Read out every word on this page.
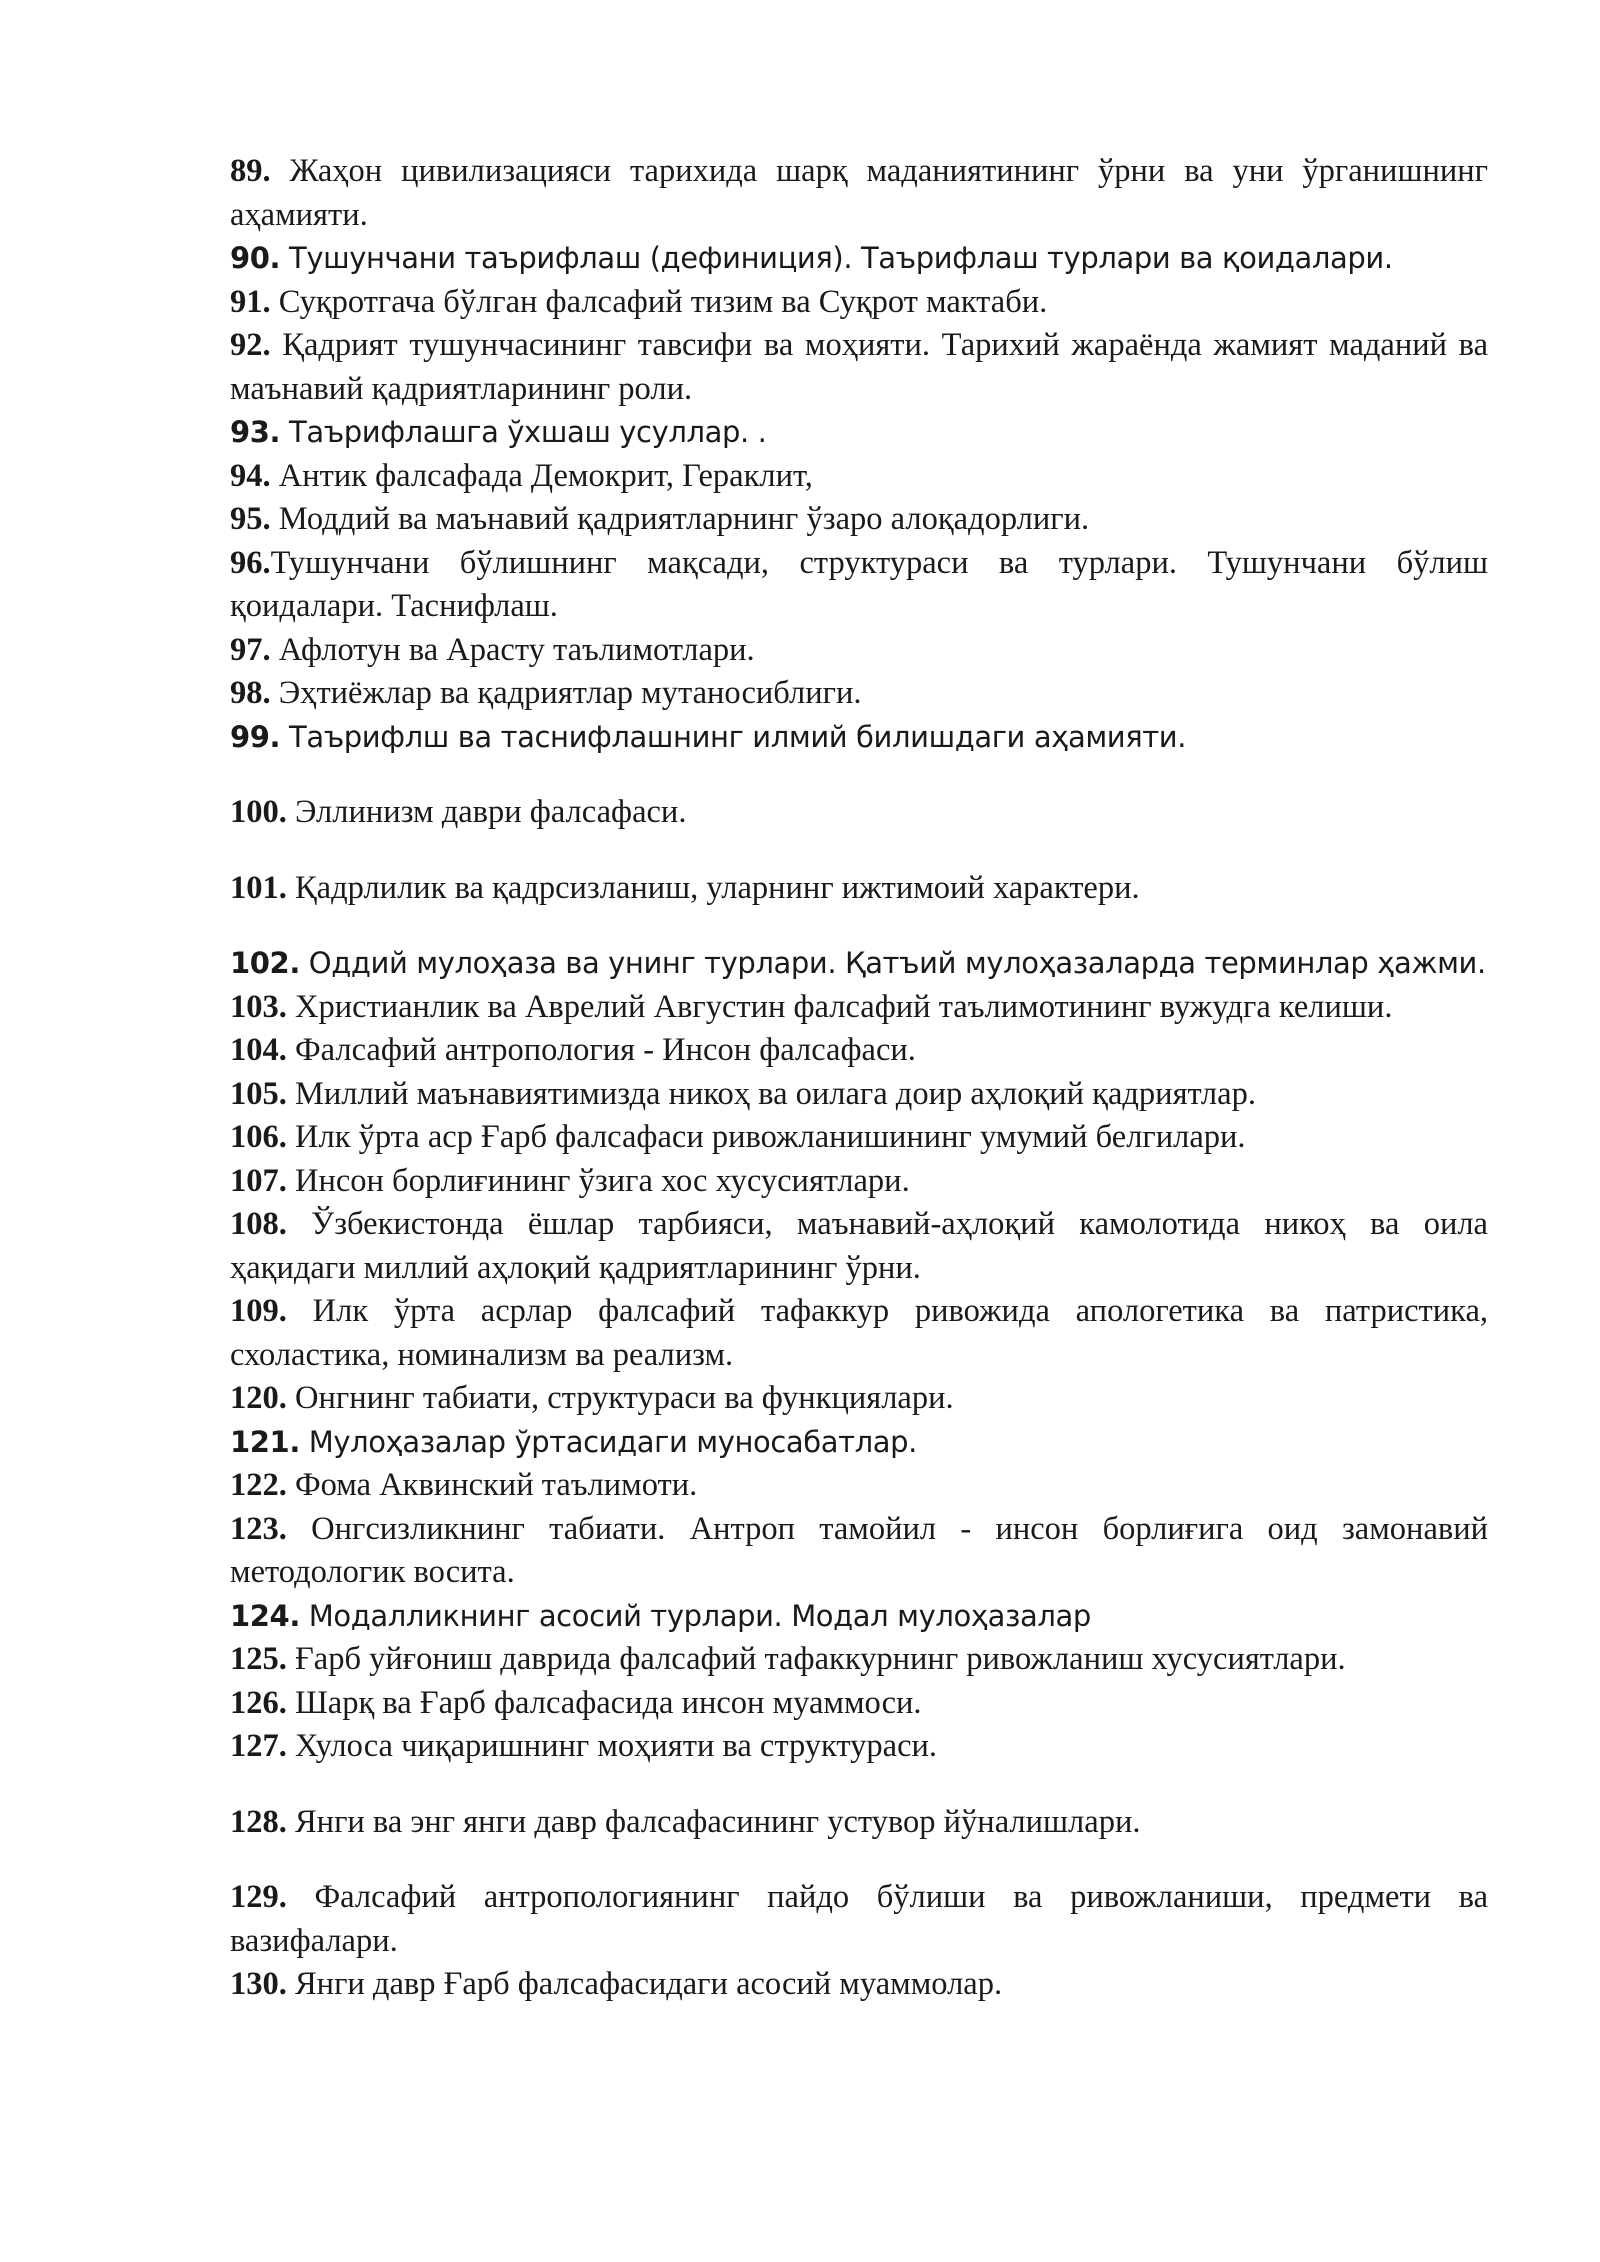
89. Жаҳон цивилизацияси тарихида шарқ маданиятининг ўрни ва уни ўрганишнинг аҳамияти.

90. Тушунчани таърифлаш (дефиниция). Таърифлаш турлари ва қоидалари.

91. Суқротгача бўлган фалсафий тизим ва Суқрот мактаби.

92. Қадрият тушунчасининг тавсифи ва моҳияти. Тарихий жараёнда жамият маданий ва маънавий қадриятларининг роли.

93. Таърифлашга ўхшаш усуллар. .

94. Антик фалсафада Демокрит, Гераклит,

95. Моддий ва маънавий қадриятларнинг ўзаро алоқадорлиги.

96.Тушунчани бўлишнинг мақсади, структураси ва турлари. Тушунчани бўлиш қоидалари. Таснифлаш.

97. Афлотун ва Арасту таълимотлари.

98. Эҳтиёжлар ва қадриятлар мутаносиблиги.

99. Таърифлш ва таснифлашнинг илмий билишдаги аҳамияти.

100. Эллинизм даври фалсафаси.

101. Қадрлилик ва қадрсизланиш, уларнинг ижтимоий характери.

102. Оддий мулоҳаза ва унинг турлари. Қатъий мулоҳазаларда терминлар ҳажми.

103. Христианлик ва Аврелий Августин фалсафий таълимотининг вужудга келиши.

104. Фалсафий антропология - Инсон фалсафаси.

105. Миллий маънавиятимизда никоҳ ва оилага доир аҳлоқий қадриятлар.

106. Илк ўрта аср Ғарб фалсафаси ривожланишининг умумий белгилари.

107. Инсон борлиғининг ўзига хос хусусиятлари.

108. Ўзбекистонда ёшлар тарбияси, маънавий-аҳлоқий камолотида никоҳ ва оила ҳақидаги миллий аҳлоқий қадриятларининг ўрни.

109. Илк ўрта асрлар фалсафий тафаккур ривожида апологетика ва патристика, схоластика, номинализм ва реализм.

120. Онгнинг табиати, структураси ва функциялари.

121. Мулоҳазалар ўртасидаги муносабатлар.

122. Фома Аквинский таълимоти.

123. Онгсизликнинг табиати. Антроп тамойил - инсон борлиғига оид замонавий методологик восита.

124. Модалликнинг асосий турлари. Модал мулоҳазалар

125. Ғарб уйғониш даврида фалсафий тафаккурнинг ривожланиш хусусиятлари.

126. Шарқ ва Ғарб фалсафасида инсон муаммоси.

127. Хулоса чиқаришнинг моҳияти ва структураси.

128. Янги ва энг янги давр фалсафасининг устувор йўналишлари.

129. Фалсафий антропологиянинг пайдо бўлиши ва ривожланиши, предмети ва вазифалари.

130. Янги давр Ғарб фалсафасидаги асосий муаммолар.
